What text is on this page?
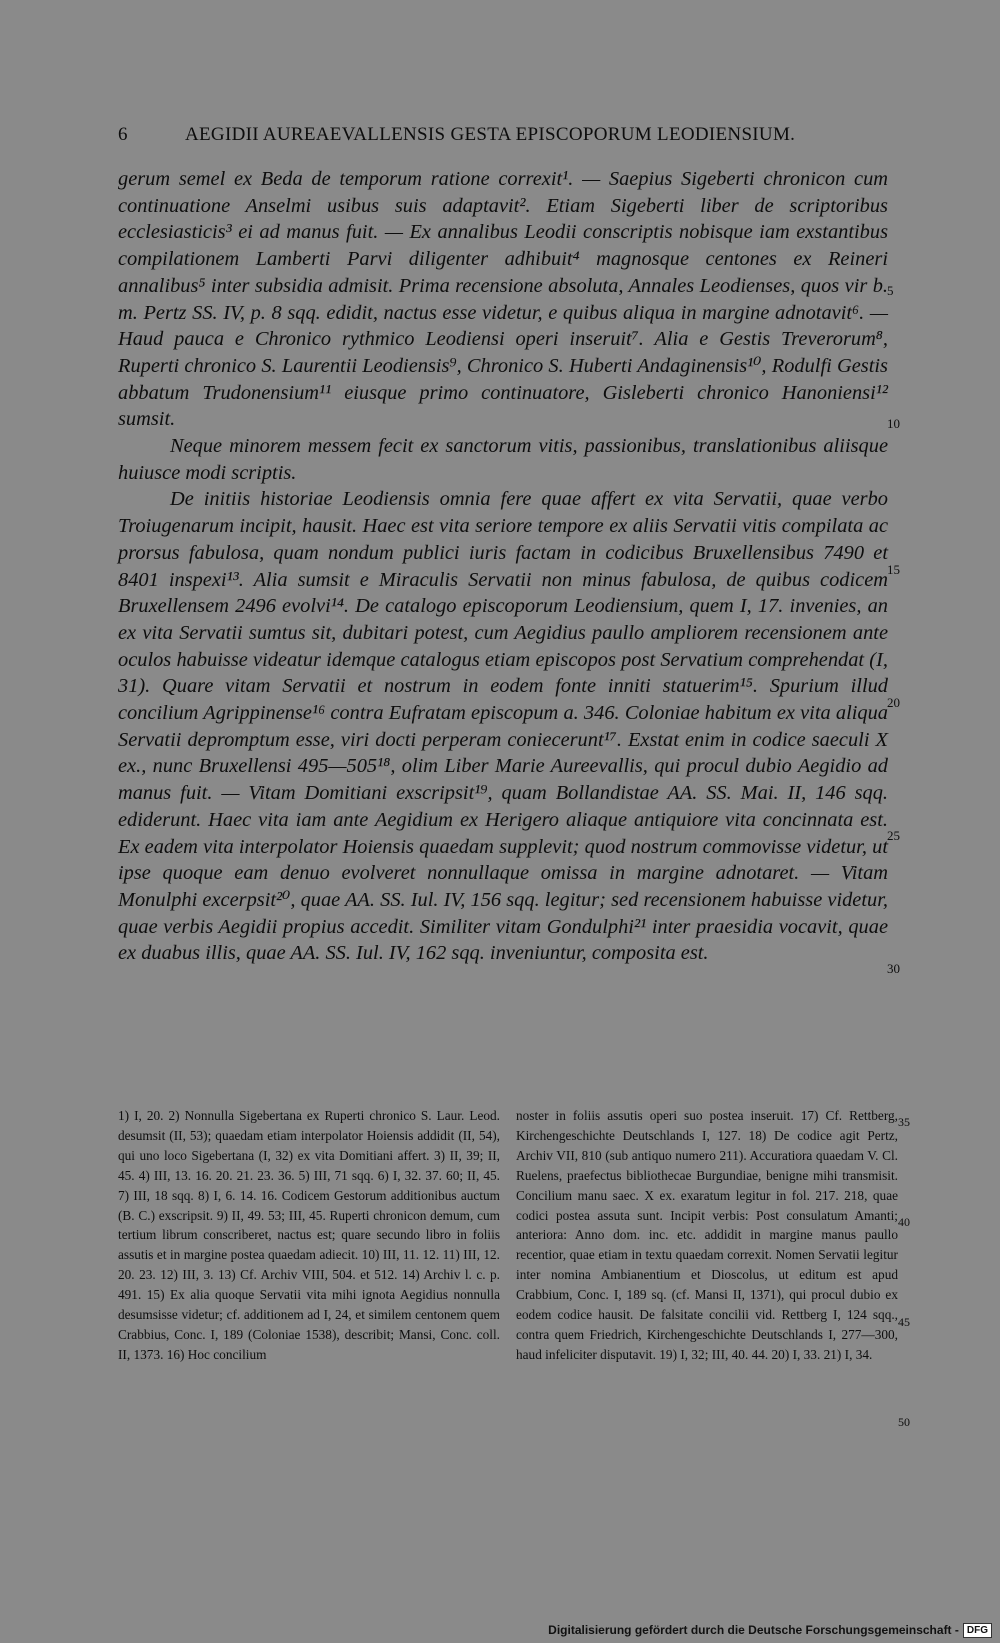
6	AEGIDII AUREAEVALLENSIS GESTA EPISCOPORUM LEODIENSIUM.

gerum semel ex Beda de temporum ratione correxit¹. — Saepius Sigeberti chronicon cum continuatione Anselmi usibus suis adaptavit². Etiam Sigeberti liber de scriptoribus ecclesiasticis³ ei ad manus fuit. — Ex annalibus Leodii conscriptis nobisque iam exstantibus compilationem Lamberti Parvi diligenter adhibuit⁴ magnosque centones ex Reineri annalibus⁵ inter subsidia admisit. Prima recensione absoluta, Annales Leodienses, quos vir b. m. Pertz SS. IV, p. 8 sqq. edidit, nactus esse videtur, e quibus aliqua in margine adnotavit⁶. — Haud pauca e Chronico rythmico Leodiensi operi inseruit⁷. Alia e Gestis Treverorum⁸, Ruperti chronico S. Laurentii Leodiensis⁹, Chronico S. Huberti Andaginensis¹⁰, Rodulfi Gestis abbatum Trudonensium¹¹ eiusque primo continuatore, Gisleberti chronico Hanoniensi¹² sumsit.

Neque minorem messem fecit ex sanctorum vitis, passionibus, translationibus aliisque huiusce modi scriptis.

De initiis historiae Leodiensis omnia fere quae affert ex vita Servatii, quae verbo Troiugenarum incipit, hausit. Haec est vita seriore tempore ex aliis Servatii vitis compilata ac prorsus fabulosa, quam nondum publici iuris factam in codicibus Bruxellensibus 7490 et 8401 inspexi¹³. Alia sumsit e Miraculis Servatii non minus fabulosa, de quibus codicem Bruxellensem 2496 evolvi¹⁴. De catalogo episcoporum Leodiensium, quem I, 17. invenies, an ex vita Servatii sumtus sit, dubitari potest, cum Aegidius paullo ampliorem recensionem ante oculos habuisse videatur idemque catalogus etiam episcopos post Servatium comprehendat (I, 31). Quare vitam Servatii et nostrum in eodem fonte inniti statuerim¹⁵. Spurium illud concilium Agrippinense¹⁶ contra Eufratam episcopum a. 346. Coloniae habitum ex vita aliqua Servatii depromptum esse, viri docti perperam coniecerunt¹⁷. Exstat enim in codice saeculi X ex., nunc Bruxellensi 495—505¹⁸, olim Liber Marie Aureevallis, qui procul dubio Aegidio ad manus fuit. — Vitam Domitiani exscripsit¹⁹, quam Bollandistae AA. SS. Mai. II, 146 sqq. ediderunt. Haec vita iam ante Aegidium ex Herigero aliaque antiquiore vita concinnata est. Ex eadem vita interpolator Hoiensis quaedam supplevit; quod nostrum commovisse videtur, ut ipse quoque eam denuo evolveret nonnullaque omissa in margine adnotaret. — Vitam Monulphi excerpsit²⁰, quae AA. SS. Iul. IV, 156 sqq. legitur; sed recensionem habuisse videtur, quae verbis Aegidii propius accedit. Similiter vitam Gondulphi²¹ inter praesidia vocavit, quae ex duabus illis, quae AA. SS. Iul. IV, 162 sqq. inveniuntur, composita est.

5
10
15
20
25
30

1) I, 20. 2) Nonnulla Sigebertana ex Ruperti chronico S. Laur. Leod. desumsit (II, 53); quaedam etiam interpolator Hoiensis addidit (II, 54), qui uno loco Sigebertana (I, 32) ex vita Domitiani affert. 3) II, 39; II, 45. 4) III, 13. 16. 20. 21. 23. 36. 5) III, 71 sqq. 6) I, 32. 37. 60; II, 45. 7) III, 18 sqq. 8) I, 6. 14. 16. Codicem Gestorum additionibus auctum (B. C.) exscripsit. 9) II, 49. 53; III, 45. Ruperti chronicon demum, cum tertium librum conscriberet, nactus est; quare secundo libro in foliis assutis et in margine postea quaedam adiecit. 10) III, 11. 12. 11) III, 12. 20. 23. 12) III, 3. 13) Cf. Archiv VIII, 504. et 512. 14) Archiv l. c. p. 491. 15) Ex alia quoque Servatii vita mihi ignota Aegidius nonnulla desumsisse videtur; cf. additionem ad I, 24, et similem centonem quem Crabbius, Conc. I, 189 (Coloniae 1538), describit; Mansi, Conc. coll. II, 1373. 16) Hoc concilium

noster in foliis assutis operi suo postea inseruit. 17) Cf. Rettberg, Kirchengeschichte Deutschlands I, 127. 18) De codice agit Pertz, Archiv VII, 810 (sub antiquo numero 211). Accuratiora quaedam V. Cl. Ruelens, praefectus bibliothecae Burgundiae, benigne mihi transmisit. Concilium manu saec. X ex. exaratum legitur in fol. 217. 218, quae codici postea assuta sunt. Incipit verbis: Post consulatum Amanti; anteriora: Anno dom. inc. etc. addidit in margine manus paullo recentior, quae etiam in textu quaedam correxit. Nomen Servatii legitur inter nomina Ambianentium et Dioscolus, ut editum est apud Crabbium, Conc. I, 189 sq. (cf. Mansi II, 1371), qui procul dubio ex eodem codice hausit. De falsitate concilii vid. Rettberg I, 124 sqq., contra quem Friedrich, Kirchengeschichte Deutschlands I, 277—300, haud infeliciter disputavit. 19) I, 32; III, 40. 44. 20) I, 33. 21) I, 34.

35
40
45
50
Digitalisierung gefördert durch die Deutsche Forschungsgemeinschaft - DFG
